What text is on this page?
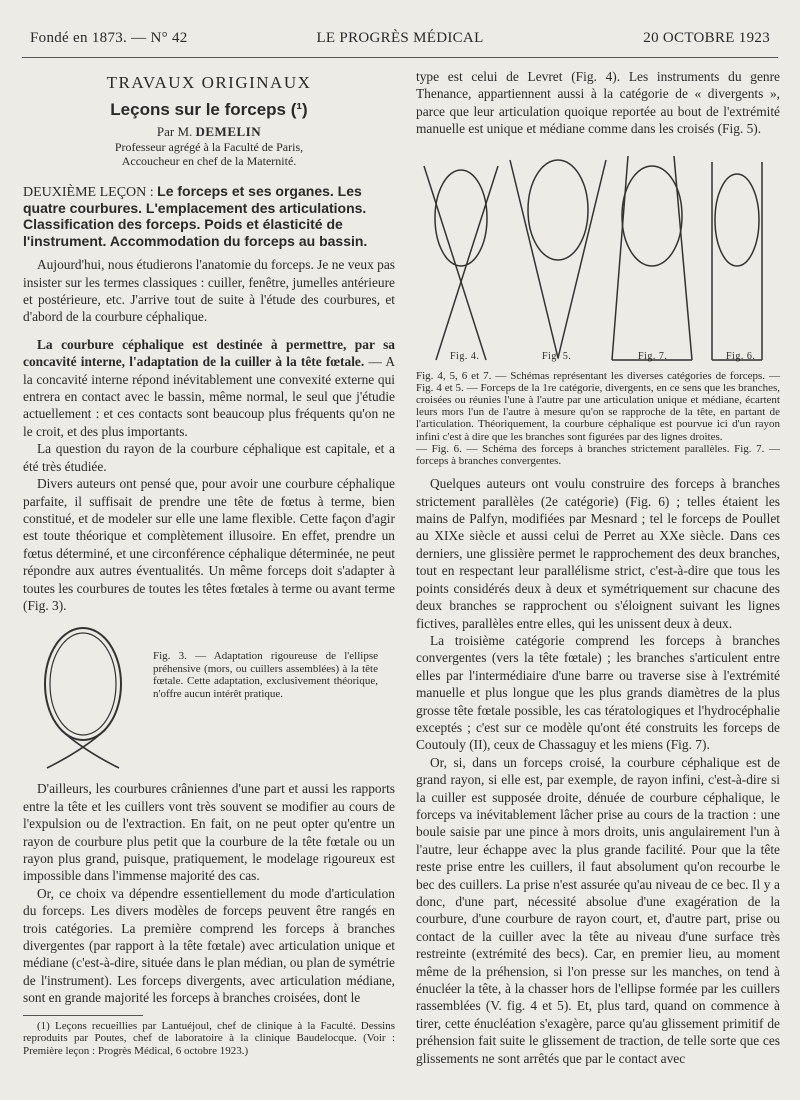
Fondé en 1873. — N° 42	LE PROGRÈS MÉDICAL	20 OCTOBRE 1923
TRAVAUX ORIGINAUX
Leçons sur le forceps (¹)

Par M. DEMELIN

Professeur agrégé à la Faculté de Paris,

Accoucheur en chef de la Maternité.

DEUXIÈME LEÇON : Le forceps et ses organes. Les quatre courbures. L'emplacement des articulations. Classification des forceps. Poids et élasticité de l'instrument. Accommodation du forceps au bassin.

Aujourd'hui, nous étudierons l'anatomie du forceps. Je ne veux pas insister sur les termes classiques : cuiller, fenêtre, jumelles antérieure et postérieure, etc. J'arrive tout de suite à l'étude des courbures, et d'abord de la courbure céphalique.

La courbure céphalique est destinée à permettre, par sa concavité interne, l'adaptation de la cuiller à la tête fœtale. — A la concavité interne répond inévitablement une convexité externe qui entrera en contact avec le bassin, même normal, le seul que j'étudie actuellement : et ces contacts sont beaucoup plus fréquents qu'on ne le croit, et des plus importants.

La question du rayon de la courbure céphalique est capitale, et a été très étudiée.

Divers auteurs ont pensé que, pour avoir une courbure céphalique parfaite, il suffisait de prendre une tête de fœtus à terme, bien constitué, et de modeler sur elle une lame flexible. Cette façon d'agir est toute théorique et complètement illusoire. En effet, prendre un fœtus déterminé, et une circonférence céphalique déterminée, ne peut répondre aux autres éventualités. Un même forceps doit s'adapter à toutes les courbures de toutes les têtes fœtales à terme ou avant terme (Fig. 3).

Fig. 3. — Adaptation rigoureuse de l'ellipse préhensive (mors, ou cuillers assemblées) à la tête fœtale. Cette adaptation, exclusivement théorique, n'offre aucun intérêt pratique.

D'ailleurs, les courbures crâniennes d'une part et aussi les rapports entre la tête et les cuillers vont très souvent se modifier au cours de l'expulsion ou de l'extraction. En fait, on ne peut opter qu'entre un rayon de courbure plus petit que la courbure de la tête fœtale ou un rayon plus grand, puisque, pratiquement, le modelage rigoureux est impossible dans l'immense majorité des cas.

Or, ce choix va dépendre essentiellement du mode d'articulation du forceps. Les divers modèles de forceps peuvent être rangés en trois catégories. La première comprend les forceps à branches divergentes (par rapport à la tête fœtale) avec articulation unique et médiane (c'est-à-dire, située dans le plan médian, ou plan de symétrie de l'instrument). Les forceps divergents, avec articulation médiane, sont en grande majorité les forceps à branches croisées, dont le

(1) Leçons recueillies par Lantuéjoul, chef de clinique à la Faculté. Dessins reproduits par Poutes, chef de laboratoire à la clinique Baudelocque. (Voir : Première leçon : Progrès Médical, 6 octobre 1923.)

type est celui de Levret (Fig. 4). Les instruments du genre Thenance, appartiennent aussi à la catégorie de « divergents », parce que leur articulation quoique reportée au bout de l'extrémité manuelle est unique et médiane comme dans les croisés (Fig. 5).

Fig. 4.	Fig. 5.	Fig. 7.	Fig. 6.

Fig. 4, 5, 6 et 7. — Schémas représentant les diverses catégories de forceps. — Fig. 4 et 5. — Forceps de la 1re catégorie, divergents, en ce sens que les branches, croisées ou réunies l'une à l'autre par une articulation unique et médiane, écartent leurs mors l'un de l'autre à mesure qu'on se rapproche de la tête, en partant de l'articulation. Théoriquement, la courbure céphalique est pourvue ici d'un rayon infini c'est à dire que les branches sont figurées par des lignes droites.

— Fig. 6. — Schéma des forceps à branches strictement parallèles. Fig. 7. — forceps à branches convergentes.

Quelques auteurs ont voulu construire des forceps à branches strictement parallèles (2e catégorie) (Fig. 6) ; telles étaient les mains de Palfyn, modifiées par Mesnard ; tel le forceps de Poullet au XIXe siècle et aussi celui de Perret au XXe siècle. Dans ces derniers, une glissière permet le rapprochement des deux branches, tout en respectant leur parallélisme strict, c'est-à-dire que tous les points considérés deux à deux et symétriquement sur chacune des deux branches se rapprochent ou s'éloignent suivant les lignes fictives, parallèles entre elles, qui les unissent deux à deux.

La troisième catégorie comprend les forceps à branches convergentes (vers la tête fœtale) ; les branches s'articulent entre elles par l'intermédiaire d'une barre ou traverse sise à l'extrémité manuelle et plus longue que les plus grands diamètres de la plus grosse tête fœtale possible, les cas tératologiques et l'hydrocéphalie exceptés ; c'est sur ce modèle qu'ont été construits les forceps de Coutouly (II), ceux de Chassaguy et les miens (Fig. 7).

Or, si, dans un forceps croisé, la courbure céphalique est de grand rayon, si elle est, par exemple, de rayon infini, c'est-à-dire si la cuiller est supposée droite, dénuée de courbure céphalique, le forceps va inévitablement lâcher prise au cours de la traction : une boule saisie par une pince à mors droits, unis angulairement l'un à l'autre, leur échappe avec la plus grande facilité. Pour que la tête reste prise entre les cuillers, il faut absolument qu'on recourbe le bec des cuillers. La prise n'est assurée qu'au niveau de ce bec. Il y a donc, d'une part, nécessité absolue d'une exagération de la courbure, d'une courbure de rayon court, et, d'autre part, prise ou contact de la cuiller avec la tête au niveau d'une surface très restreinte (extrémité des becs). Car, en premier lieu, au moment même de la préhension, si l'on presse sur les manches, on tend à énucléer la tête, à la chasser hors de l'ellipse formée par les cuillers rassemblées (V. fig. 4 et 5). Et, plus tard, quand on commence à tirer, cette énucléation s'exagère, parce qu'au glissement primitif de préhension fait suite le glissement de traction, de telle sorte que ces glissements ne sont arrêtés que par le contact avec
